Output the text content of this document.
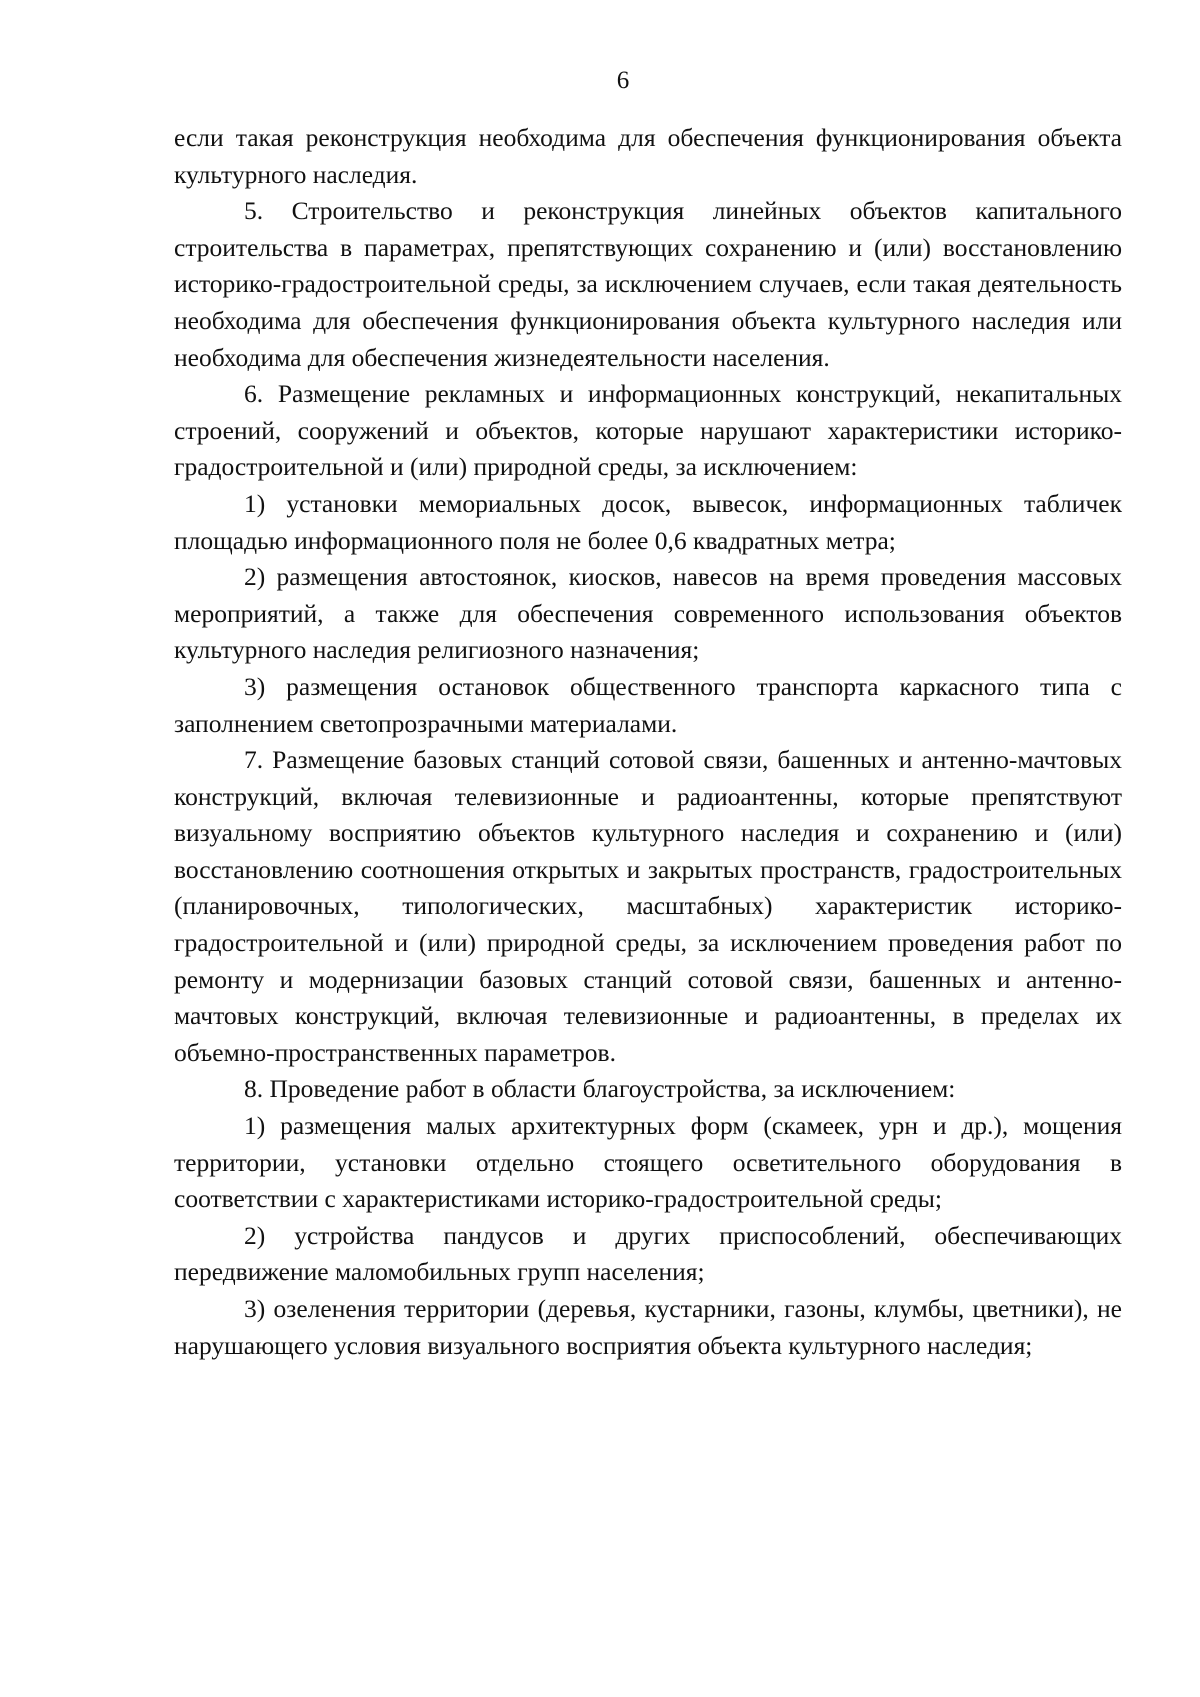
6

если такая реконструкция необходима для обеспечения функционирования объекта культурного наследия.

5. Строительство и реконструкция линейных объектов капитального строительства в параметрах, препятствующих сохранению и (или) восстановлению историко-градостроительной среды, за исключением случаев, если такая деятельность необходима для обеспечения функционирования объекта культурного наследия или необходима для обеспечения жизнедеятельности населения.

6. Размещение рекламных и информационных конструкций, некапитальных строений, сооружений и объектов, которые нарушают характеристики историко-градостроительной и (или) природной среды, за исключением:

1) установки мемориальных досок, вывесок, информационных табличек площадью информационного поля не более 0,6 квадратных метра;

2) размещения автостоянок, киосков, навесов на время проведения массовых мероприятий, а также для обеспечения современного использования объектов культурного наследия религиозного назначения;

3) размещения остановок общественного транспорта каркасного типа с заполнением светопрозрачными материалами.

7. Размещение базовых станций сотовой связи, башенных и антенно-мачтовых конструкций, включая телевизионные и радиоантенны, которые препятствуют визуальному восприятию объектов культурного наследия и сохранению и (или) восстановлению соотношения открытых и закрытых пространств, градостроительных (планировочных, типологических, масштабных) характеристик историко-градостроительной и (или) природной среды, за исключением проведения работ по ремонту и модернизации базовых станций сотовой связи, башенных и антенно-мачтовых конструкций, включая телевизионные и радиоантенны, в пределах их объемно-пространственных параметров.

8. Проведение работ в области благоустройства, за исключением:

1) размещения малых архитектурных форм (скамеек, урн и др.), мощения территории, установки отдельно стоящего осветительного оборудования в соответствии с характеристиками историко-градостроительной среды;

2) устройства пандусов и других приспособлений, обеспечивающих передвижение маломобильных групп населения;

3) озеленения территории (деревья, кустарники, газоны, клумбы, цветники), не нарушающего условия визуального восприятия объекта культурного наследия;
